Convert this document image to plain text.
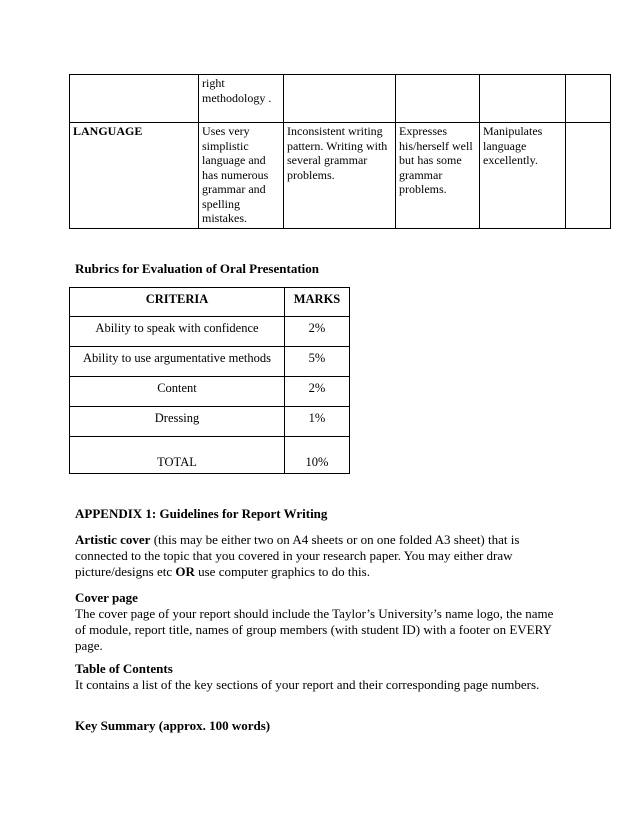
	right methodology .				
LANGUAGE	Uses very simplistic language and has numerous grammar and spelling mistakes.	Inconsistent writing pattern. Writing with several grammar problems.	Expresses his/herself well but has some grammar problems.	Manipulates language excellently.	
Rubrics for Evaluation of Oral Presentation
CRITERIA	MARKS
Ability to speak with confidence	2%
Ability to use argumentative methods	5%
Content	2%
Dressing	1%
TOTAL	10%
APPENDIX 1: Guidelines for Report Writing
Artistic cover (this may be either two on A4 sheets or on one folded A3 sheet) that is connected to the topic that you covered in your research paper. You may either draw picture/designs etc OR use computer graphics to do this.
Cover page
The cover page of your report should include the Taylor’s University’s name logo, the name of module, report title, names of group members (with student ID) with a footer on EVERY page.
Table of Contents
It contains a list of the key sections of your report and their corresponding page numbers.
Key Summary (approx. 100 words)
